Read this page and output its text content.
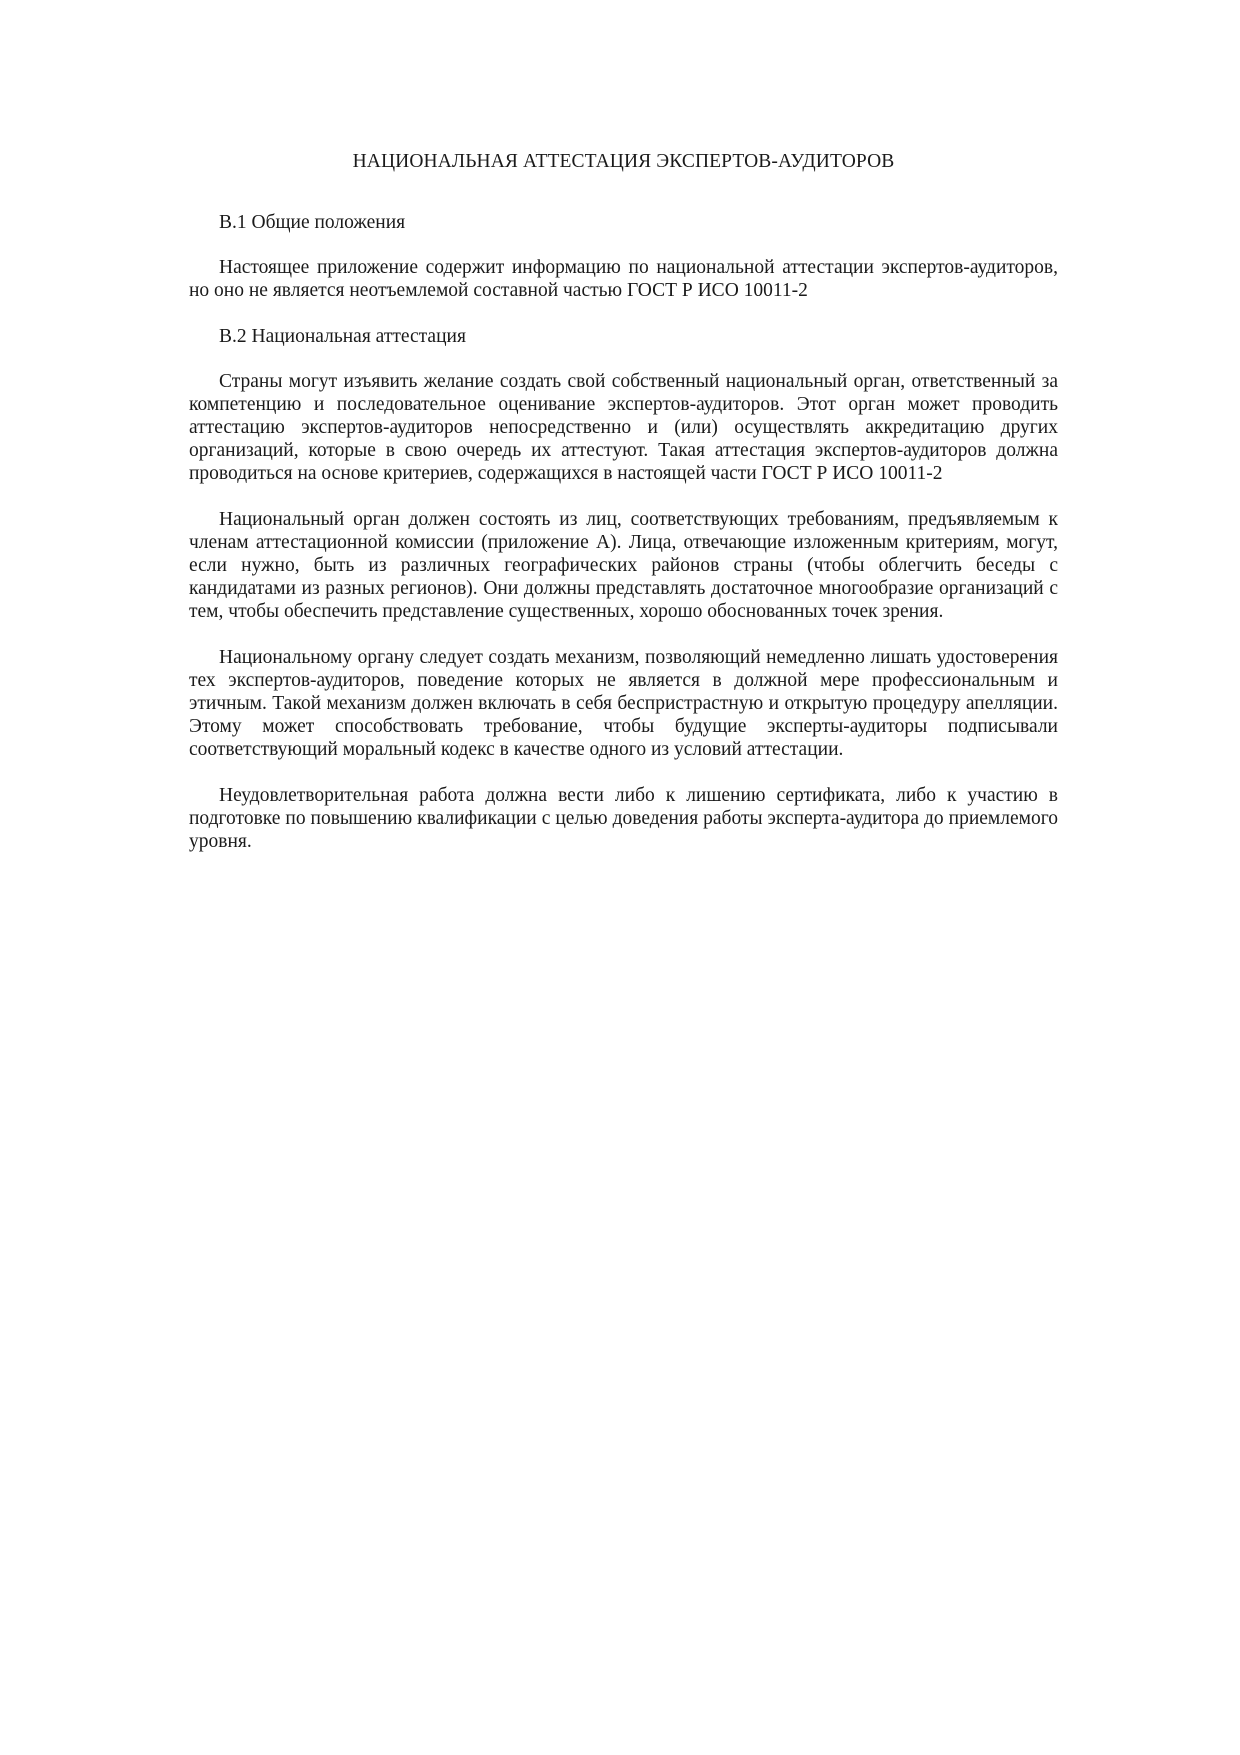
НАЦИОНАЛЬНАЯ АТТЕСТАЦИЯ ЭКСПЕРТОВ-АУДИТОРОВ
В.1 Общие положения

Настоящее приложение содержит информацию по национальной аттестации экспертов-аудиторов, но оно не является неотъемлемой составной частью ГОСТ Р ИСО 10011-2

В.2 Национальная аттестация

Страны могут изъявить желание создать свой собственный национальный орган, ответственный за компетенцию и последовательное оценивание экспертов-аудиторов. Этот орган может проводить аттестацию экспертов-аудиторов непосредственно и (или) осуществлять аккредитацию других организаций, которые в свою очередь их аттестуют. Такая аттестация экспертов-аудиторов должна проводиться на основе критериев, содержащихся в настоящей части ГОСТ Р ИСО 10011-2

Национальный орган должен состоять из лиц, соответствующих требованиям, предъявляемым к членам аттестационной комиссии (приложение А). Лица, отвечающие изложенным критериям, могут, если нужно, быть из различных географических районов страны (чтобы облегчить беседы с кандидатами из разных регионов). Они должны представлять достаточное многообразие организаций с тем, чтобы обеспечить представление существенных, хорошо обоснованных точек зрения.

Национальному органу следует создать механизм, позволяющий немедленно лишать удостоверения тех экспертов-аудиторов, поведение которых не является в должной мере профессиональным и этичным. Такой механизм должен включать в себя беспристрастную и открытую процедуру апелляции. Этому может способствовать требование, чтобы будущие эксперты-аудиторы подписывали соответствующий моральный кодекс в качестве одного из условий аттестации.

Неудовлетворительная работа должна вести либо к лишению сертификата, либо к участию в подготовке по повышению квалификации с целью доведения работы эксперта-аудитора до приемлемого уровня.
